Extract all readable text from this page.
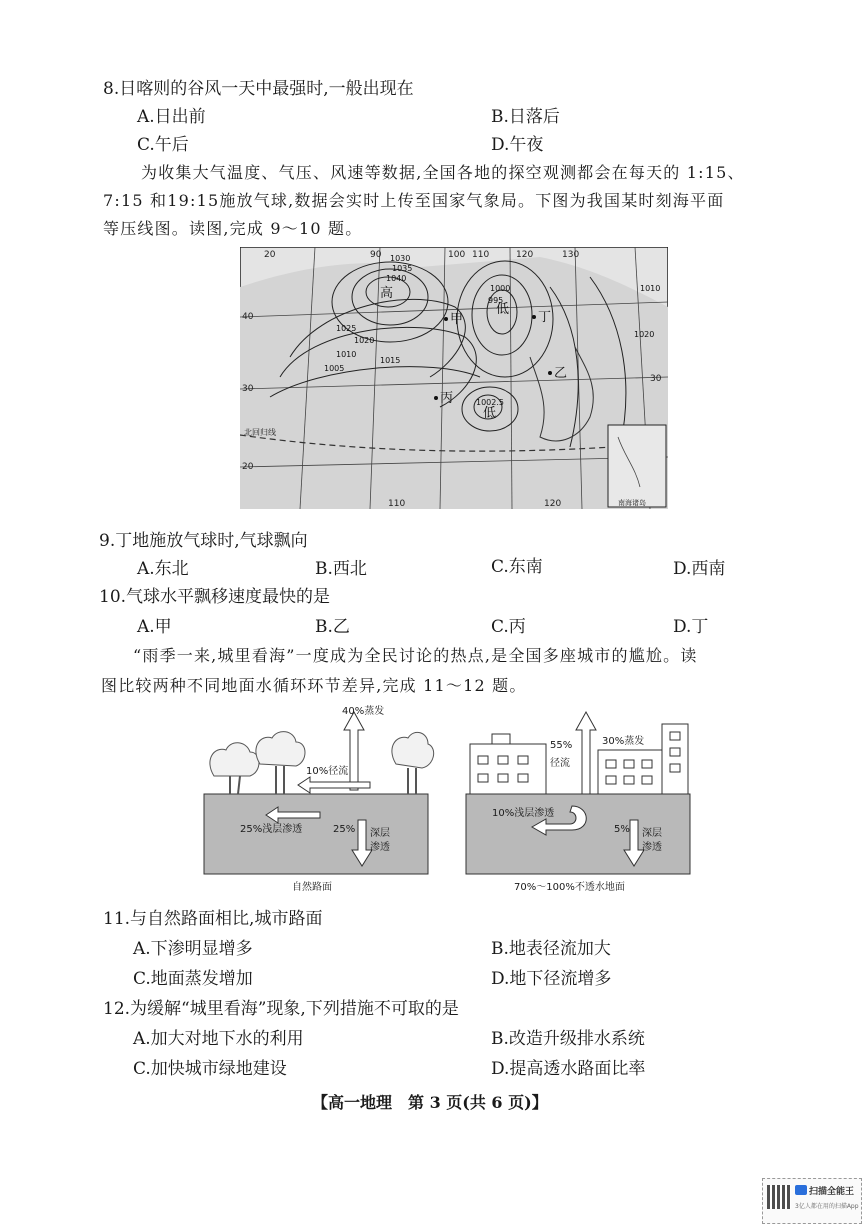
8.日喀则的谷风一天中最强时,一般出现在
A.日出前	B.日落后
C.午后	D.午夜
为收集大气温度、气压、风速等数据,全国各地的探空观测都会在每天的 1:15、
7:15 和19:15施放气球,数据会实时上传至国家气象局。下图为我国某时刻海平面
等压线图。读图,完成 9～10 题。
20	90	100 110	120	130
40
30
30
20
110	120
1030
1035
1040
1025
1020
1015
1010
1005
995
1000
1002.5
1010
1020
高
低
低
甲
乙
丙
丁
北回归线
南海诸岛
9.丁地施放气球时,气球飘向
A.东北	B.西北	C.东南	D.西南
10.气球水平飘移速度最快的是
A.甲	B.乙	C.丙	D.丁
“雨季一来,城里看海”一度成为全民讨论的热点,是全国多座城市的尴尬。读
图比较两种不同地面水循环环节差异,完成 11～12 题。
40%蒸发
10%径流
25%浅层渗透	25% 深层
渗透
自然路面
55%
径流
30%蒸发
10%浅层渗透
5% 深层
渗透
70%～100%不透水地面
11.与自然路面相比,城市路面
A.下渗明显增多	B.地表径流加大
C.地面蒸发增加	D.地下径流增多
12.为缓解“城里看海”现象,下列措施不可取的是
A.加大对地下水的利用	B.改造升级排水系统
C.加快城市绿地建设	D.提高透水路面比率
【高一地理　第 3 页(共 6 页)】
扫描全能王
3亿人都在用的扫描App
